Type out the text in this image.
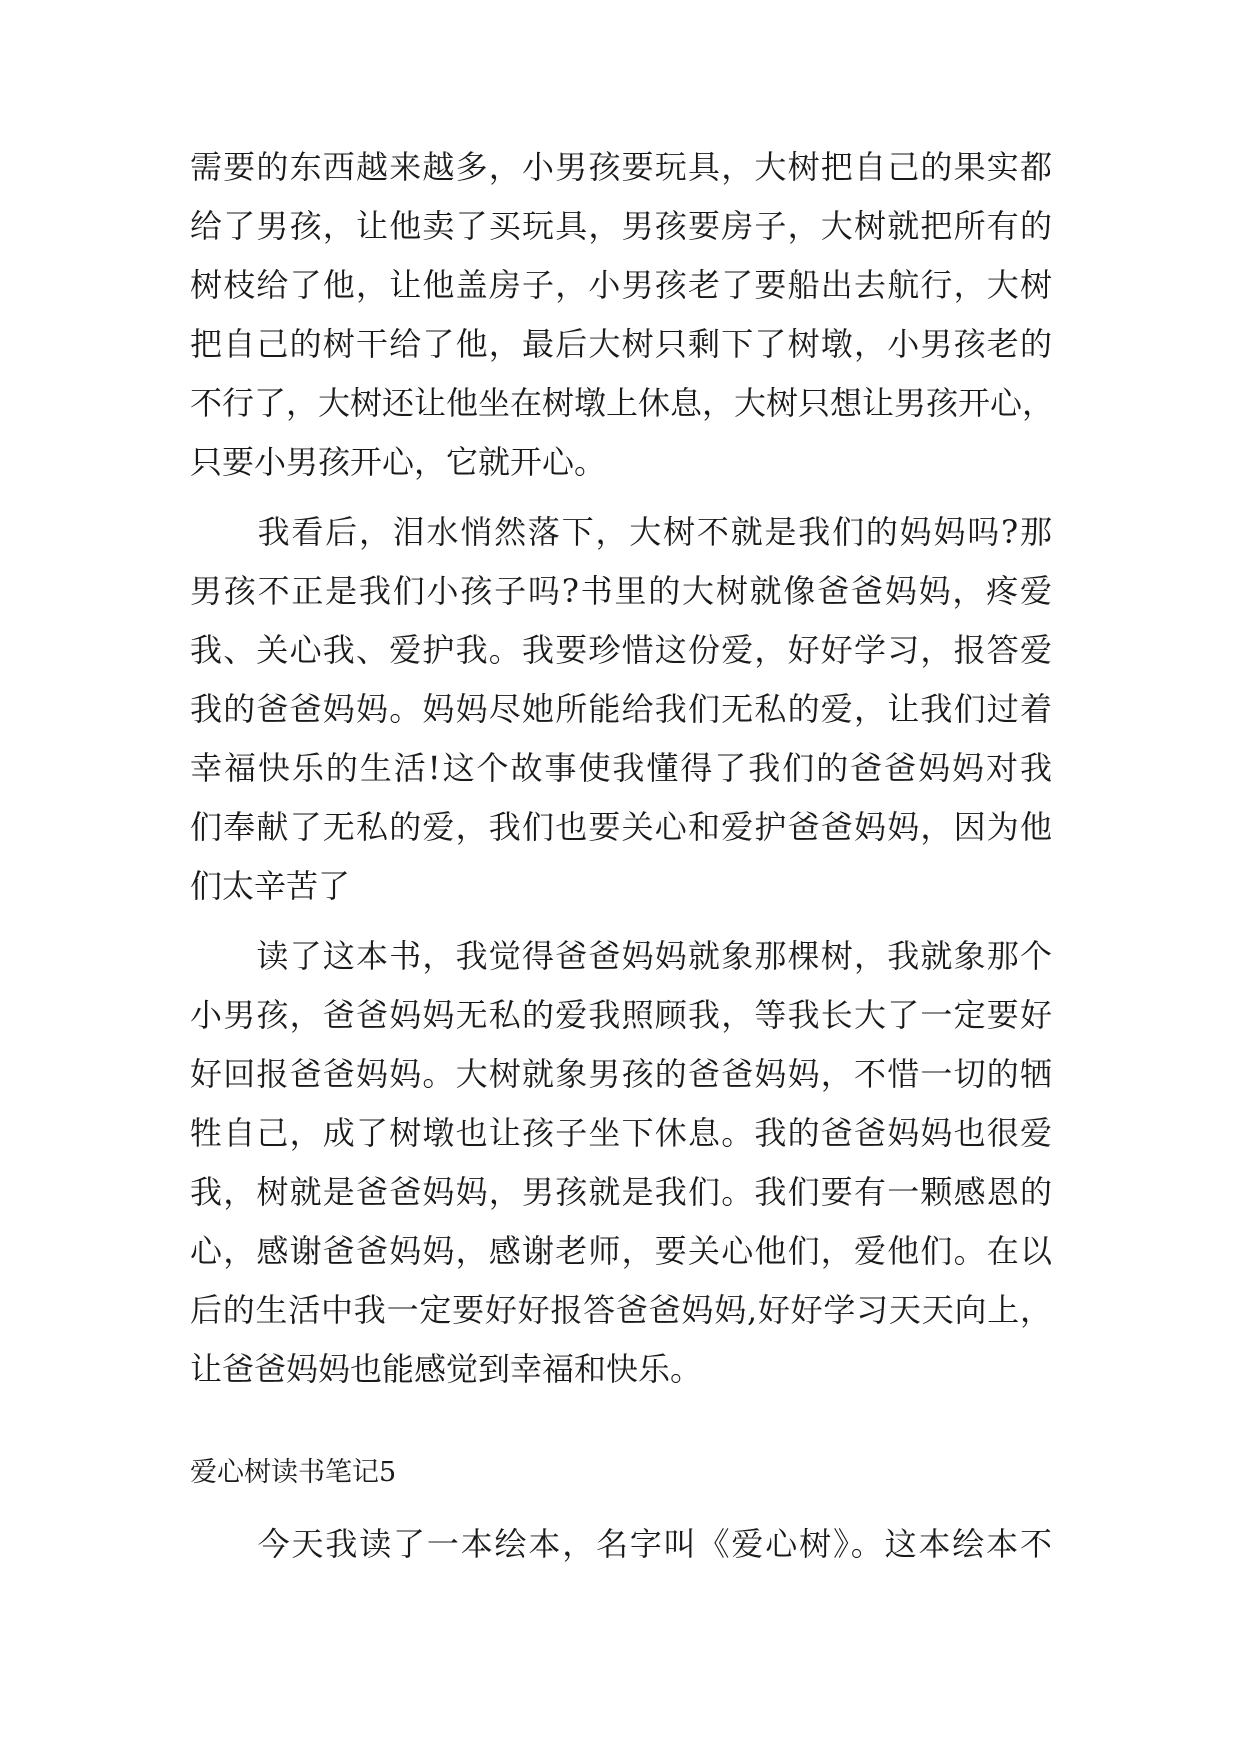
需要的东西越来越多，小男孩要玩具，大树把自己的果实都
给了男孩，让他卖了买玩具，男孩要房子，大树就把所有的
树枝给了他，让他盖房子，小男孩老了要船出去航行，大树
把自己的树干给了他，最后大树只剩下了树墩，小男孩老的
不行了，大树还让他坐在树墩上休息，大树只想让男孩开心，
只要小男孩开心，它就开心。
　　我看后，泪水悄然落下，大树不就是我们的妈妈吗?那
男孩不正是我们小孩子吗?书里的大树就像爸爸妈妈，疼爱
我、关心我、爱护我。我要珍惜这份爱，好好学习，报答爱
我的爸爸妈妈。妈妈尽她所能给我们无私的爱，让我们过着
幸福快乐的生活!这个故事使我懂得了我们的爸爸妈妈对我
们奉献了无私的爱，我们也要关心和爱护爸爸妈妈，因为他
们太辛苦了
　　读了这本书，我觉得爸爸妈妈就象那棵树，我就象那个
小男孩，爸爸妈妈无私的爱我照顾我，等我长大了一定要好
好回报爸爸妈妈。大树就象男孩的爸爸妈妈，不惜一切的牺
牲自己，成了树墩也让孩子坐下休息。我的爸爸妈妈也很爱
我，树就是爸爸妈妈，男孩就是我们。我们要有一颗感恩的
心，感谢爸爸妈妈，感谢老师，要关心他们，爱他们。在以
后的生活中我一定要好好报答爸爸妈妈,好好学习天天向上，
让爸爸妈妈也能感觉到幸福和快乐。
爱心树读书笔记5
　　今天我读了一本绘本，名字叫《爱心树》。这本绘本不
